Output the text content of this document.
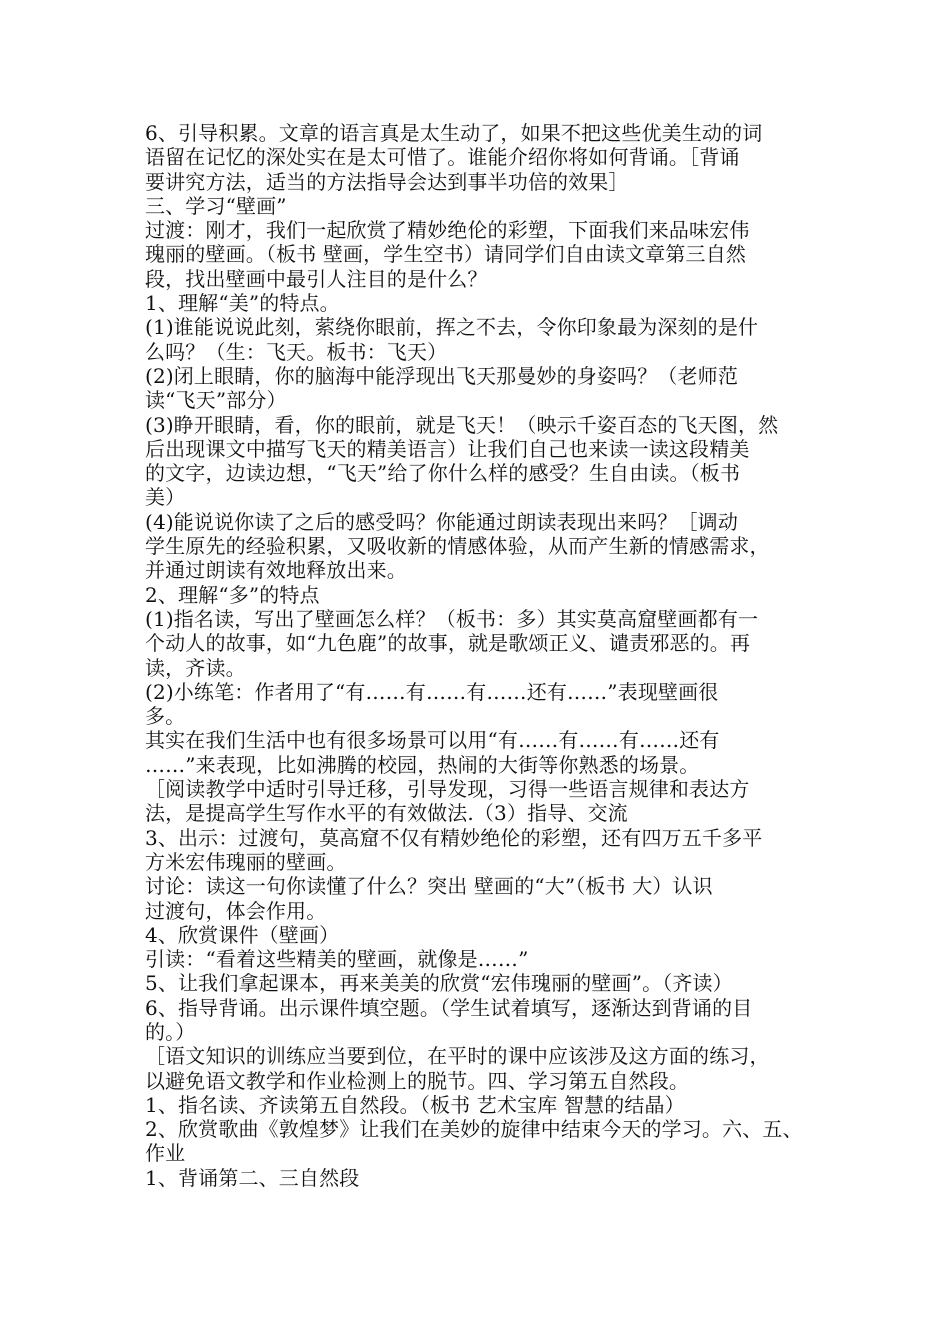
6、引导积累。文章的语言真是太生动了，如果不把这些优美生动的词
语留在记忆的深处实在是太可惜了。谁能介绍你将如何背诵。［背诵
要讲究方法，适当的方法指导会达到事半功倍的效果］
三、学习“壁画”
过渡：刚才，我们一起欣赏了精妙绝伦的彩塑，下面我们来品味宏伟
瑰丽的壁画。（板书 壁画，学生空书）请同学们自由读文章第三自然
段，找出壁画中最引人注目的是什么？
1、理解“美”的特点。
(1)谁能说说此刻，萦绕你眼前，挥之不去，令你印象最为深刻的是什
么吗？（生：飞天。板书：飞天）
(2)闭上眼睛，你的脑海中能浮现出飞天那曼妙的身姿吗？（老师范
读“飞天”部分）
(3)睁开眼睛，看，你的眼前，就是飞天！（映示千姿百态的飞天图，然
后出现课文中描写飞天的精美语言）让我们自己也来读一读这段精美
的文字，边读边想，“飞天”给了你什么样的感受？生自由读。（板书
美）
(4)能说说你读了之后的感受吗？你能通过朗读表现出来吗？［调动
学生原先的经验积累，又吸收新的情感体验，从而产生新的情感需求，
并通过朗读有效地释放出来。
2、理解“多”的特点
(1)指名读，写出了壁画怎么样？（板书：多）其实莫高窟壁画都有一
个动人的故事，如“九色鹿”的故事，就是歌颂正义、谴责邪恶的。再
读，齐读。
(2)小练笔：作者用了“有……有……有……还有……”表现壁画很
多。
其实在我们生活中也有很多场景可以用“有……有……有……还有
……”来表现，比如沸腾的校园，热闹的大街等你熟悉的场景。
［阅读教学中适时引导迁移，引导发现，习得一些语言规律和表达方
法，是提高学生写作水平的有效做法.（3）指导、交流
3、出示：过渡句，莫高窟不仅有精妙绝伦的彩塑，还有四万五千多平
方米宏伟瑰丽的壁画。
讨论：读这一句你读懂了什么？突出 壁画的“大”（板书 大）认识
过渡句，体会作用。
4、欣赏课件（壁画）
引读：“看着这些精美的壁画，就像是……”
5、让我们拿起课本，再来美美的欣赏“宏伟瑰丽的壁画”。（齐读）
6、指导背诵。出示课件填空题。（学生试着填写，逐渐达到背诵的目
的。）
［语文知识的训练应当要到位，在平时的课中应该涉及这方面的练习，
以避免语文教学和作业检测上的脱节。四、学习第五自然段。
1、指名读、齐读第五自然段。（板书 艺术宝库 智慧的结晶）
2、欣赏歌曲《敦煌梦》让我们在美妙的旋律中结束今天的学习。六、五、
作业
1、背诵第二、三自然段
